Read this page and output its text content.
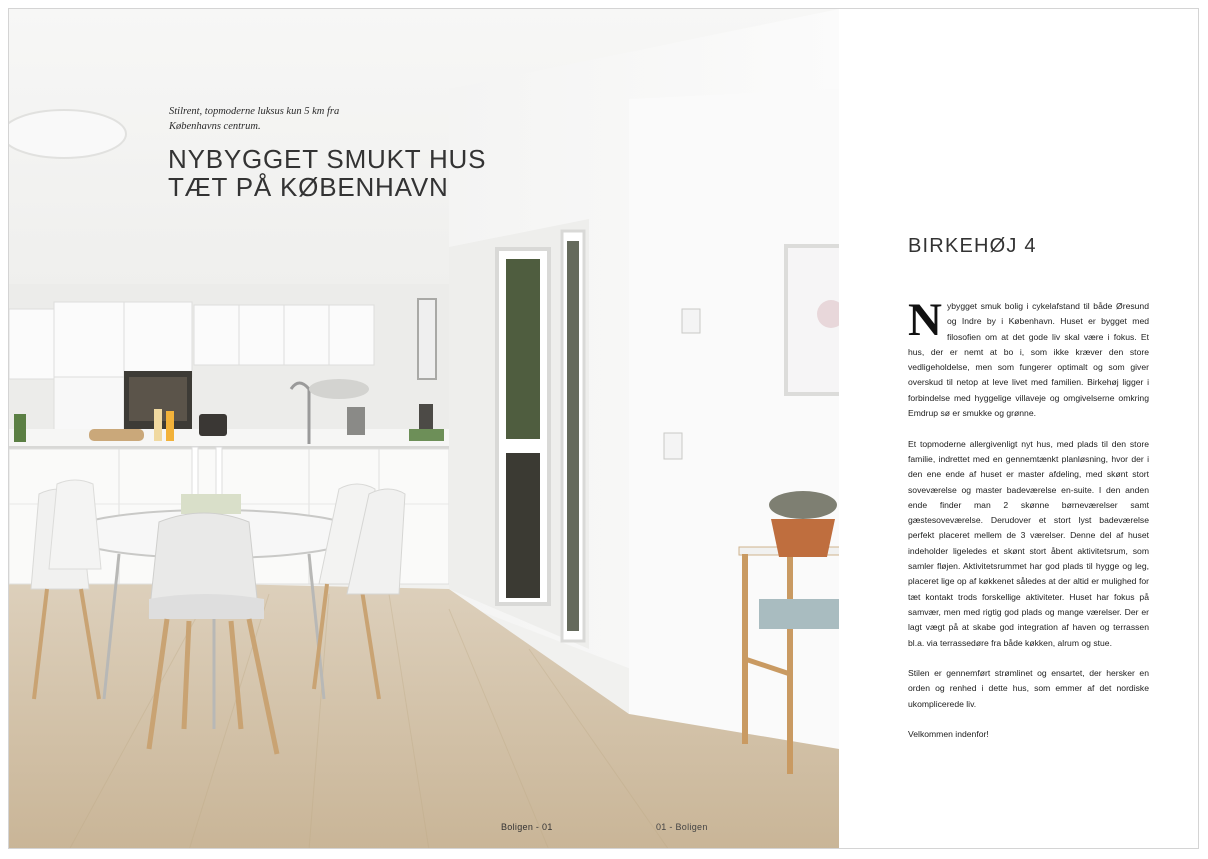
Stilrent, topmoderne luksus kun 5 km fra
Københavns centrum.
NYBYGGET SMUKT HUS
TÆT PÅ KØBENHAVN
Boligen - 01	01 - Boligen
BIRKEHØJ 4

Nybygget smuk bolig i cykelafstand til både Øresund og Indre by i København. Huset er bygget med filosofien om at det gode liv skal være i fokus. Et hus, der er nemt at bo i, som ikke kræver den store vedligeholdelse, men som fungerer optimalt og som giver overskud til netop at leve livet med familien. Birkehøj ligger i forbindelse med hyggelige villaveje og omgivelserne omkring Emdrup sø er smukke og grønne.

Et topmoderne allergivenligt nyt hus, med plads til den store familie, indrettet med en gennemtænkt planløsning, hvor der i den ene ende af huset er master afdeling, med skønt stort soveværelse og master badeværelse en-suite. I den anden ende finder man 2 skønne børneværelser samt gæstesoveværelse. Derudover et stort lyst badeværelse perfekt placeret mellem de 3 værelser. Denne del af huset indeholder ligeledes et skønt stort åbent aktivitetsrum, som samler fløjen. Aktivitetsrummet har god plads til hygge og leg, placeret lige op af køkkenet således at der altid er mulighed for tæt kontakt trods forskellige aktiviteter. Huset har fokus på samvær, men med rigtig god plads og mange værelser. Der er lagt vægt på at skabe god integration af haven og terrassen bl.a. via terrassedøre fra både køkken, alrum og stue.

Stilen er gennemført strømlinet og ensartet, der hersker en orden og renhed i dette hus, som emmer af det nordiske ukomplicerede liv.

Velkommen indenfor!
